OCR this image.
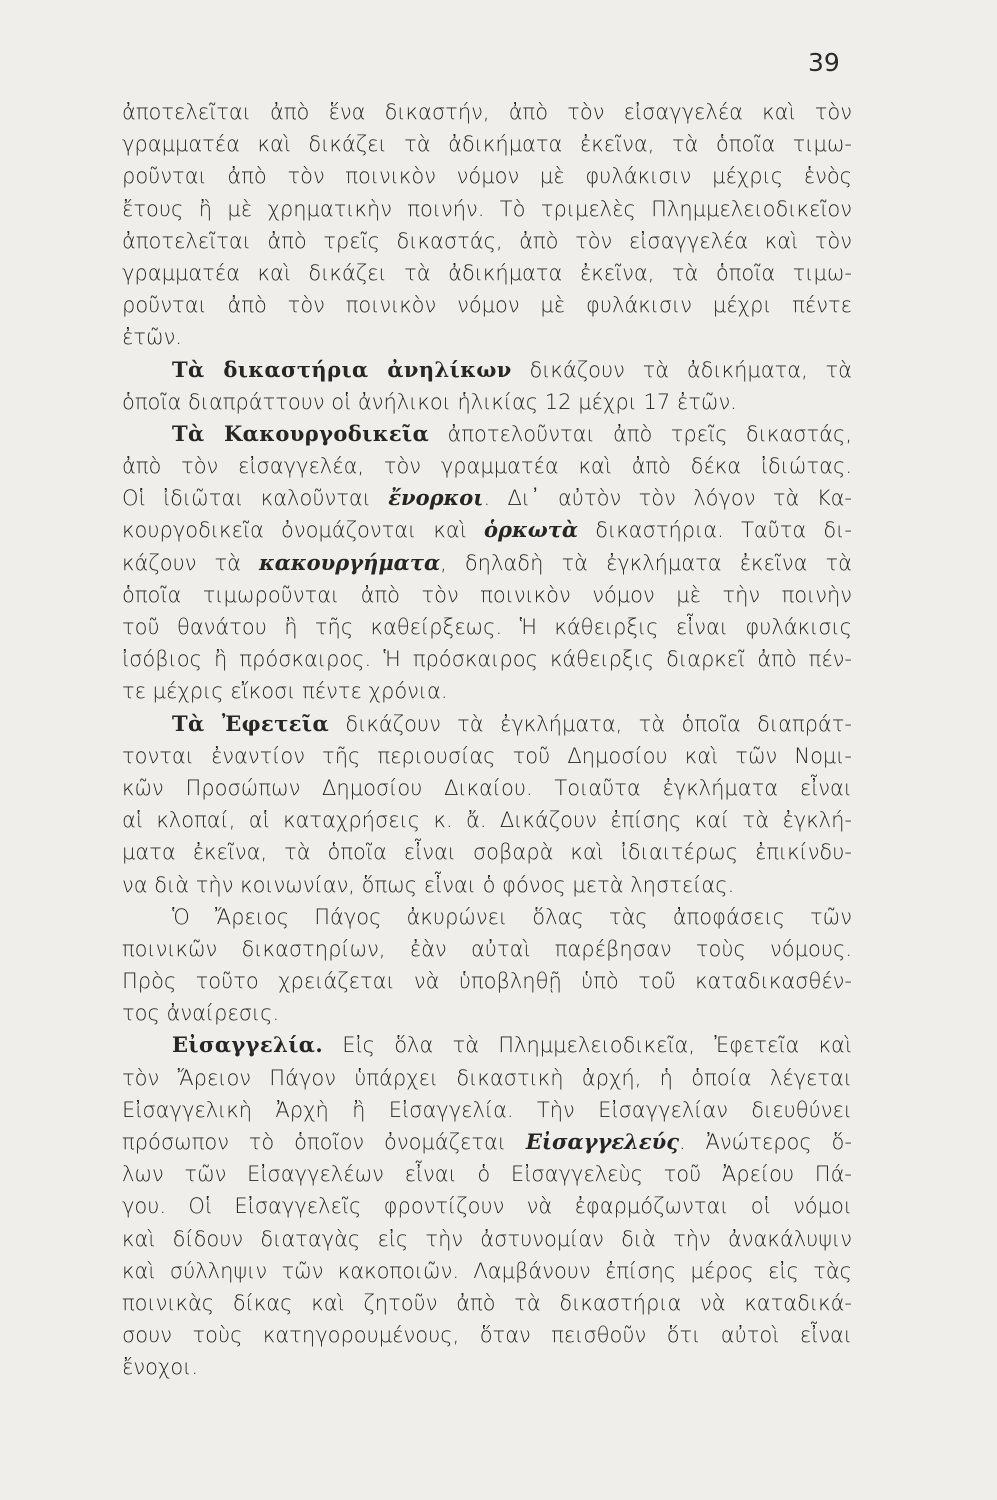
39
ἀποτελεῖται ἀπὸ ἕνα δικαστήν, ἀπὸ τὸν εἰσαγγελέα καὶ τὸν
γραμματέα καὶ δικάζει τὰ ἀδικήματα ἐκεῖνα, τὰ ὁποῖα τιμω-
ροῦνται ἀπὸ τὸν ποινικὸν νόμον μὲ φυλάκισιν μέχρις ἑνὸς
ἔτους ἢ μὲ χρηματικὴν ποινήν. Τὸ τριμελὲς Πλημμελειοδικεῖον
ἀποτελεῖται ἀπὸ τρεῖς δικαστάς, ἀπὸ τὸν εἰσαγγελέα καὶ τὸν
γραμματέα καὶ δικάζει τὰ ἀδικήματα ἐκεῖνα, τὰ ὁποῖα τιμω-
ροῦνται ἀπὸ τὸν ποινικὸν νόμον μὲ φυλάκισιν μέχρι πέντε
ἐτῶν.
Τὰ δικαστήρια ἀνηλίκων δικάζουν τὰ ἀδικήματα, τὰ
ὁποῖα διαπράττουν οἱ ἀνήλικοι ἡλικίας 12 μέχρι 17 ἐτῶν.
Τὰ Κακουργοδικεῖα ἀποτελοῦνται ἀπὸ τρεῖς δικαστάς,
ἀπὸ τὸν εἰσαγγελέα, τὸν γραμματέα καὶ ἀπὸ δέκα ἰδιώτας.
Οἱ ἰδιῶται καλοῦνται ἔνορκοι. Δι᾿ αὐτὸν τὸν λόγον τὰ Κα-
κουργοδικεῖα ὀνομάζονται καὶ ὁρκωτὰ δικαστήρια. Ταῦτα δι-
κάζουν τὰ κακουργήματα, δηλαδὴ τὰ ἐγκλήματα ἐκεῖνα τὰ
ὁποῖα τιμωροῦνται ἀπὸ τὸν ποινικὸν νόμον μὲ τὴν ποινὴν
τοῦ θανάτου ἢ τῆς καθείρξεως. Ἡ κάθειρξις εἶναι φυλάκισις
ἰσόβιος ἢ πρόσκαιρος. Ἡ πρόσκαιρος κάθειρξις διαρκεῖ ἀπὸ πέν-
τε μέχρις εἴκοσι πέντε χρόνια.
Τὰ Ἐφετεῖα δικάζουν τὰ ἐγκλήματα, τὰ ὁποῖα διαπράτ-
τονται ἐναντίον τῆς περιουσίας τοῦ Δημοσίου καὶ τῶν Νομι-
κῶν Προσώπων Δημοσίου Δικαίου. Τοιαῦτα ἐγκλήματα εἶναι
αἱ κλοπαί, αἱ καταχρήσεις κ. ἄ. Δικάζουν ἐπίσης καί τὰ ἐγκλή-
ματα ἐκεῖνα, τὰ ὁποῖα εἶναι σοβαρὰ καὶ ἰδιαιτέρως ἐπικίνδυ-
να διὰ τὴν κοινωνίαν, ὅπως εἶναι ὁ φόνος μετὰ ληστείας.
Ὁ Ἄρειος Πάγος ἀκυρώνει ὅλας τὰς ἀποφάσεις τῶν
ποινικῶν δικαστηρίων, ἐὰν αὐταὶ παρέβησαν τοὺς νόμους.
Πρὸς τοῦτο χρειάζεται νὰ ὑποβληθῇ ὑπὸ τοῦ καταδικασθέν-
τος ἀναίρεσις.
Εἰσαγγελία. Εἰς ὅλα τὰ Πλημμελειοδικεῖα, Ἐφετεῖα καὶ
τὸν Ἄρειον Πάγον ὑπάρχει δικαστικὴ ἀρχή, ἡ ὁποία λέγεται
Εἰσαγγελικὴ Ἀρχὴ ἢ Εἰσαγγελία. Τὴν Εἰσαγγελίαν διευθύνει
πρόσωπον τὸ ὁποῖον ὀνομάζεται Εἰσαγγελεύς. Ἀνώτερος ὅ-
λων τῶν Εἰσαγγελέων εἶναι ὁ Εἰσαγγελεὺς τοῦ Ἀρείου Πά-
γου. Οἱ Εἰσαγγελεῖς φροντίζουν νὰ ἐφαρμόζωνται οἱ νόμοι
καὶ δίδουν διαταγὰς εἰς τὴν ἀστυνομίαν διὰ τὴν ἀνακάλυψιν
καὶ σύλληψιν τῶν κακοποιῶν. Λαμβάνουν ἐπίσης μέρος εἰς τὰς
ποινικὰς δίκας καὶ ζητοῦν ἀπὸ τὰ δικαστήρια νὰ καταδικά-
σουν τοὺς κατηγορουμένους, ὅταν πεισθοῦν ὅτι αὐτοὶ εἶναι
ἔνοχοι.
